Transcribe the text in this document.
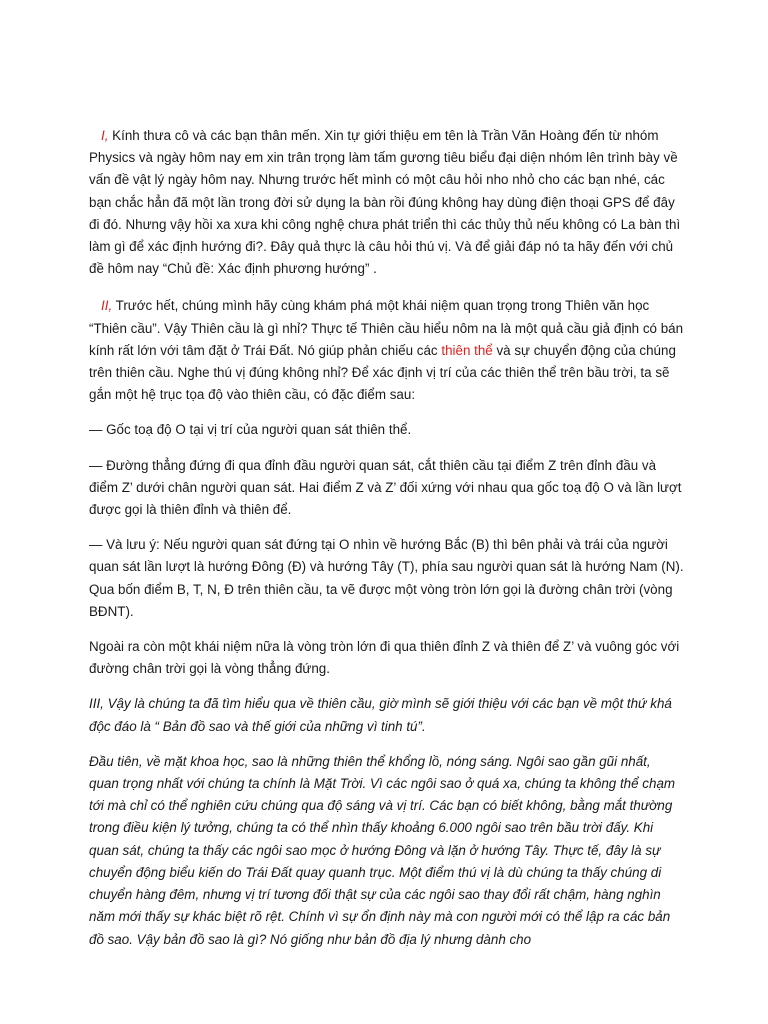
I, Kính thưa cô và các bạn thân mến. Xin tự giới thiệu em tên là Trần Văn Hoàng đến từ nhóm Physics và ngày hôm nay em xin trân trọng làm tấm gương tiêu biểu đại diện nhóm lên trình bày về vấn đề vật lý ngày hôm nay. Nhưng trước hết mình có một câu hỏi nho nhỏ cho các bạn nhé, các bạn chắc hẳn đã một lần trong đời sử dụng la bàn rồi đúng không hay dùng điện thoại GPS để đây đi đó. Nhưng vậy hồi xa xưa khi công nghệ chưa phát triển thì các thủy thủ nếu không có La bàn thì làm gì để xác định hướng đi?. Đây quả thực là câu hỏi thú vị. Và để giải đáp nó ta hãy đến với chủ đề hôm nay “Chủ đề: Xác định phương hướng” .

II, Trước hết, chúng mình hãy cùng khám phá một khái niệm quan trọng trong Thiên văn học “Thiên cầu”. Vậy Thiên cầu là gì nhỉ? Thực tế Thiên cầu hiểu nôm na là một quả cầu giả định có bán kính rất lớn với tâm đặt ở Trái Đất. Nó giúp phản chiếu các thiên thể và sự chuyển động của chúng trên thiên cầu. Nghe thú vị đúng không nhỉ? Để xác định vị trí của các thiên thể trên bầu trời, ta sẽ gắn một hệ trục tọa độ vào thiên cầu, có đặc điểm sau:

— Gốc toạ độ O tại vị trí của người quan sát thiên thể.

— Đường thẳng đứng đi qua đỉnh đầu người quan sát, cắt thiên cầu tại điểm Z trên đỉnh đầu và điểm Z’ dưới chân người quan sát. Hai điểm Z và Z’ đối xứng với nhau qua gốc toạ độ O và lần lượt được gọi là thiên đỉnh và thiên để.

— Và lưu ý: Nếu người quan sát đứng tại O nhìn về hướng Bắc (B) thì bên phải và trái của người quan sát lần lượt là hướng Đông (Đ) và hướng Tây (T), phía sau người quan sát là hướng Nam (N). Qua bốn điểm B, T, N, Đ trên thiên cầu, ta vẽ được một vòng tròn lớn gọi là đường chân trời (vòng BĐNT).

Ngoài ra còn một khái niệm nữa là vòng tròn lớn đi qua thiên đỉnh Z và thiên để Z’ và vuông góc với đường chân trời gọi là vòng thẳng đứng.

III, Vậy là chúng ta đã tìm hiểu qua về thiên cầu, giờ mình sẽ giới thiệu với các bạn về một thứ khá độc đáo là “ Bản đồ sao và thế giới của những vì tinh tú”.

Đầu tiên, về mặt khoa học, sao là những thiên thể khổng lồ, nóng sáng. Ngôi sao gần gũi nhất, quan trọng nhất với chúng ta chính là Mặt Trời. Vì các ngôi sao ở quá xa, chúng ta không thể chạm tới mà chỉ có thể nghiên cứu chúng qua độ sáng và vị trí. Các bạn có biết không, bằng mắt thường trong điều kiện lý tưởng, chúng ta có thể nhìn thấy khoảng 6.000 ngôi sao trên bầu trời đấy. Khi quan sát, chúng ta thấy các ngôi sao mọc ở hướng Đông và lặn ở hướng Tây. Thực tế, đây là sự chuyển động biểu kiến do Trái Đất quay quanh trục. Một điểm thú vị là dù chúng ta thấy chúng di chuyển hàng đêm, nhưng vị trí tương đối thật sự của các ngôi sao thay đổi rất chậm, hàng nghìn năm mới thấy sự khác biệt rõ rệt. Chính vì sự ổn định này mà con người mới có thể lập ra các bản đồ sao. Vậy bản đồ sao là gì? Nó giống như bản đồ địa lý nhưng dành cho
